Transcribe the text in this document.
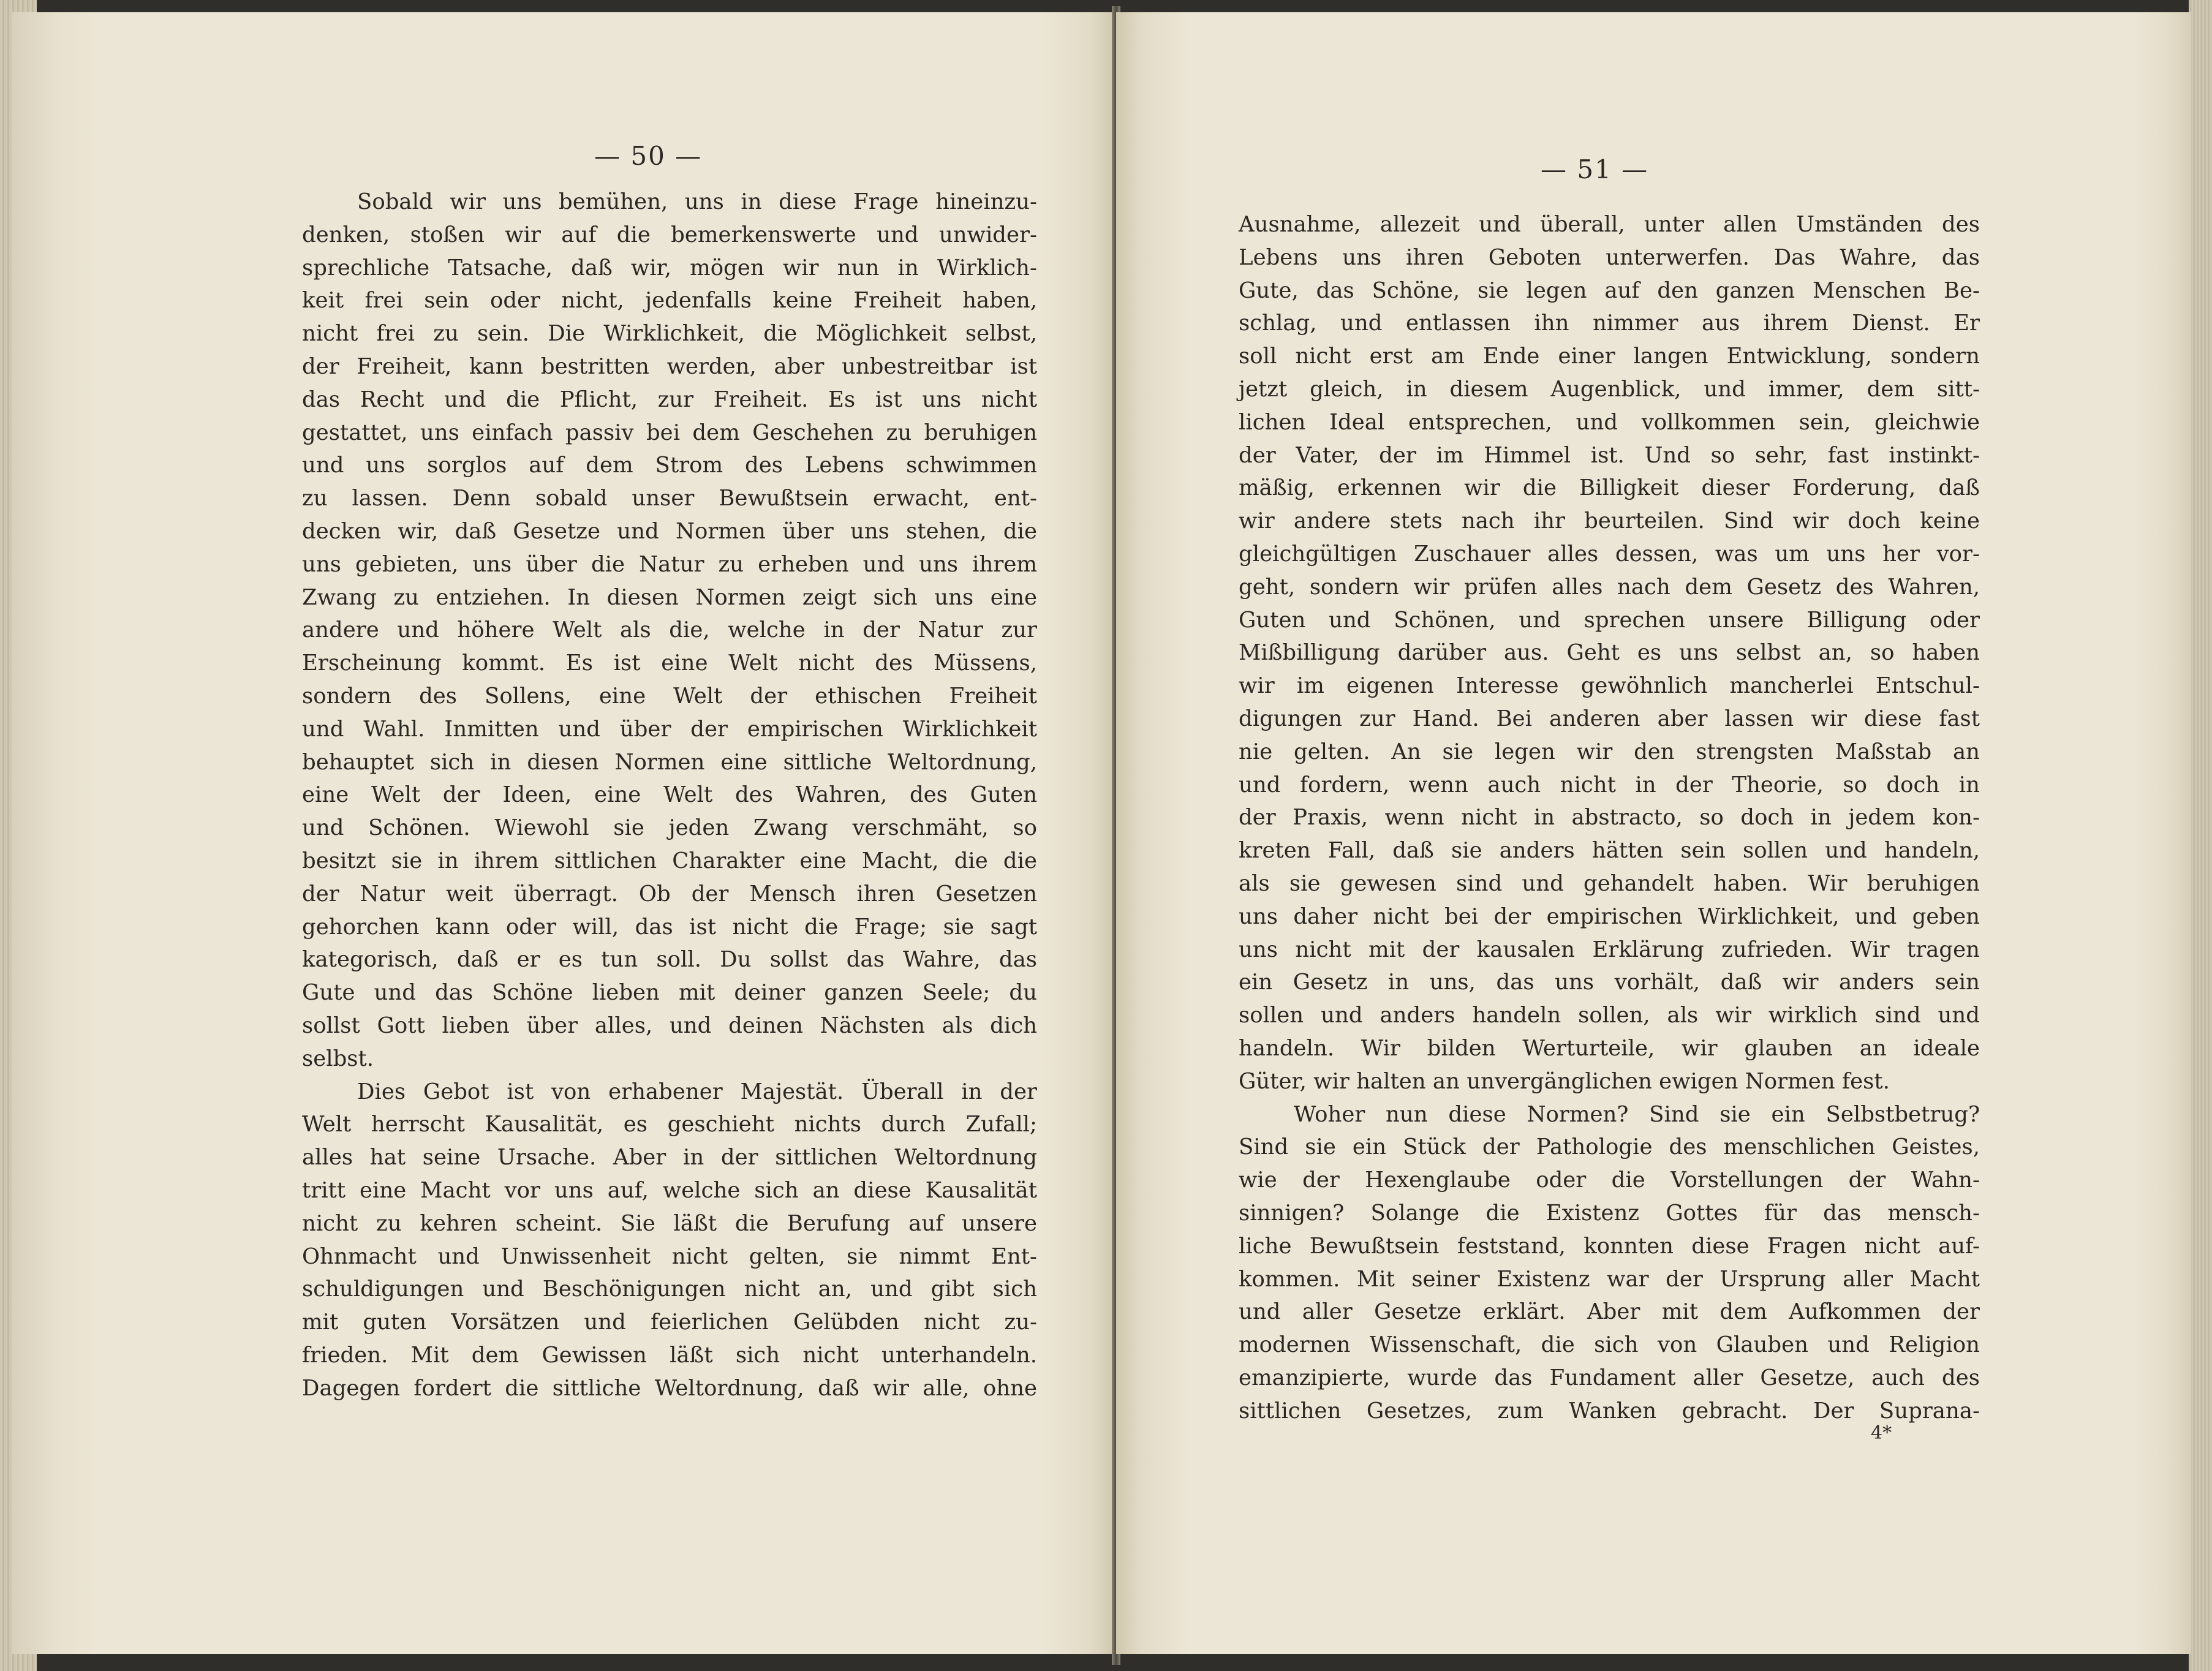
— 50 —
Sobald wir uns bemühen, uns in diese Frage hineinzu-
denken, stoßen wir auf die bemerkenswerte und unwider-
sprechliche Tatsache, daß wir, mögen wir nun in Wirklich-
keit frei sein oder nicht, jedenfalls keine Freiheit haben,
nicht frei zu sein. Die Wirklichkeit, die Möglichkeit selbst,
der Freiheit, kann bestritten werden, aber unbestreitbar ist
das Recht und die Pflicht, zur Freiheit. Es ist uns nicht
gestattet, uns einfach passiv bei dem Geschehen zu beruhigen
und uns sorglos auf dem Strom des Lebens schwimmen
zu lassen. Denn sobald unser Bewußtsein erwacht, ent-
decken wir, daß Gesetze und Normen über uns stehen, die
uns gebieten, uns über die Natur zu erheben und uns ihrem
Zwang zu entziehen. In diesen Normen zeigt sich uns eine
andere und höhere Welt als die, welche in der Natur zur
Erscheinung kommt. Es ist eine Welt nicht des Müssens,
sondern des Sollens, eine Welt der ethischen Freiheit
und Wahl. Inmitten und über der empirischen Wirklichkeit
behauptet sich in diesen Normen eine sittliche Weltordnung,
eine Welt der Ideen, eine Welt des Wahren, des Guten
und Schönen. Wiewohl sie jeden Zwang verschmäht, so
besitzt sie in ihrem sittlichen Charakter eine Macht, die die
der Natur weit überragt. Ob der Mensch ihren Gesetzen
gehorchen kann oder will, das ist nicht die Frage; sie sagt
kategorisch, daß er es tun soll. Du sollst das Wahre, das
Gute und das Schöne lieben mit deiner ganzen Seele; du
sollst Gott lieben über alles, und deinen Nächsten als dich
selbst.
Dies Gebot ist von erhabener Majestät. Überall in der
Welt herrscht Kausalität, es geschieht nichts durch Zufall;
alles hat seine Ursache. Aber in der sittlichen Weltordnung
tritt eine Macht vor uns auf, welche sich an diese Kausalität
nicht zu kehren scheint. Sie läßt die Berufung auf unsere
Ohnmacht und Unwissenheit nicht gelten, sie nimmt Ent-
schuldigungen und Beschönigungen nicht an, und gibt sich
mit guten Vorsätzen und feierlichen Gelübden nicht zu-
frieden. Mit dem Gewissen läßt sich nicht unterhandeln.
Dagegen fordert die sittliche Weltordnung, daß wir alle, ohne
— 51 —
Ausnahme, allezeit und überall, unter allen Umständen des
Lebens uns ihren Geboten unterwerfen. Das Wahre, das
Gute, das Schöne, sie legen auf den ganzen Menschen Be-
schlag, und entlassen ihn nimmer aus ihrem Dienst. Er
soll nicht erst am Ende einer langen Entwicklung, sondern
jetzt gleich, in diesem Augenblick, und immer, dem sitt-
lichen Ideal entsprechen, und vollkommen sein, gleichwie
der Vater, der im Himmel ist. Und so sehr, fast instinkt-
mäßig, erkennen wir die Billigkeit dieser Forderung, daß
wir andere stets nach ihr beurteilen. Sind wir doch keine
gleichgültigen Zuschauer alles dessen, was um uns her vor-
geht, sondern wir prüfen alles nach dem Gesetz des Wahren,
Guten und Schönen, und sprechen unsere Billigung oder
Mißbilligung darüber aus. Geht es uns selbst an, so haben
wir im eigenen Interesse gewöhnlich mancherlei Entschul-
digungen zur Hand. Bei anderen aber lassen wir diese fast
nie gelten. An sie legen wir den strengsten Maßstab an
und fordern, wenn auch nicht in der Theorie, so doch in
der Praxis, wenn nicht in abstracto, so doch in jedem kon-
kreten Fall, daß sie anders hätten sein sollen und handeln,
als sie gewesen sind und gehandelt haben. Wir beruhigen
uns daher nicht bei der empirischen Wirklichkeit, und geben
uns nicht mit der kausalen Erklärung zufrieden. Wir tragen
ein Gesetz in uns, das uns vorhält, daß wir anders sein
sollen und anders handeln sollen, als wir wirklich sind und
handeln. Wir bilden Werturteile, wir glauben an ideale
Güter, wir halten an unvergänglichen ewigen Normen fest.
Woher nun diese Normen? Sind sie ein Selbstbetrug?
Sind sie ein Stück der Pathologie des menschlichen Geistes,
wie der Hexenglaube oder die Vorstellungen der Wahn-
sinnigen? Solange die Existenz Gottes für das mensch-
liche Bewußtsein feststand, konnten diese Fragen nicht auf-
kommen. Mit seiner Existenz war der Ursprung aller Macht
und aller Gesetze erklärt. Aber mit dem Aufkommen der
modernen Wissenschaft, die sich von Glauben und Religion
emanzipierte, wurde das Fundament aller Gesetze, auch des
sittlichen Gesetzes, zum Wanken gebracht. Der Suprana-
4*
